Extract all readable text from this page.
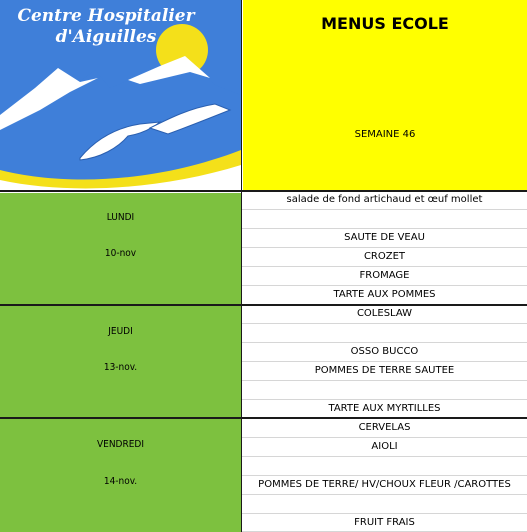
Centre Hospitalier
d'Aiguilles
MENUS ECOLE
SEMAINE 46
LUNDI
10-nov
JEUDI
13-nov.
VENDREDI
14-nov.
salade de fond artichaud et œuf mollet
SAUTE DE VEAU
CROZET
FROMAGE
TARTE AUX POMMES
COLESLAW
OSSO BUCCO
POMMES DE TERRE SAUTEE
TARTE AUX MYRTILLES
CERVELAS
AIOLI
POMMES DE TERRE/ HV/CHOUX FLEUR /CAROTTES
FRUIT FRAIS
